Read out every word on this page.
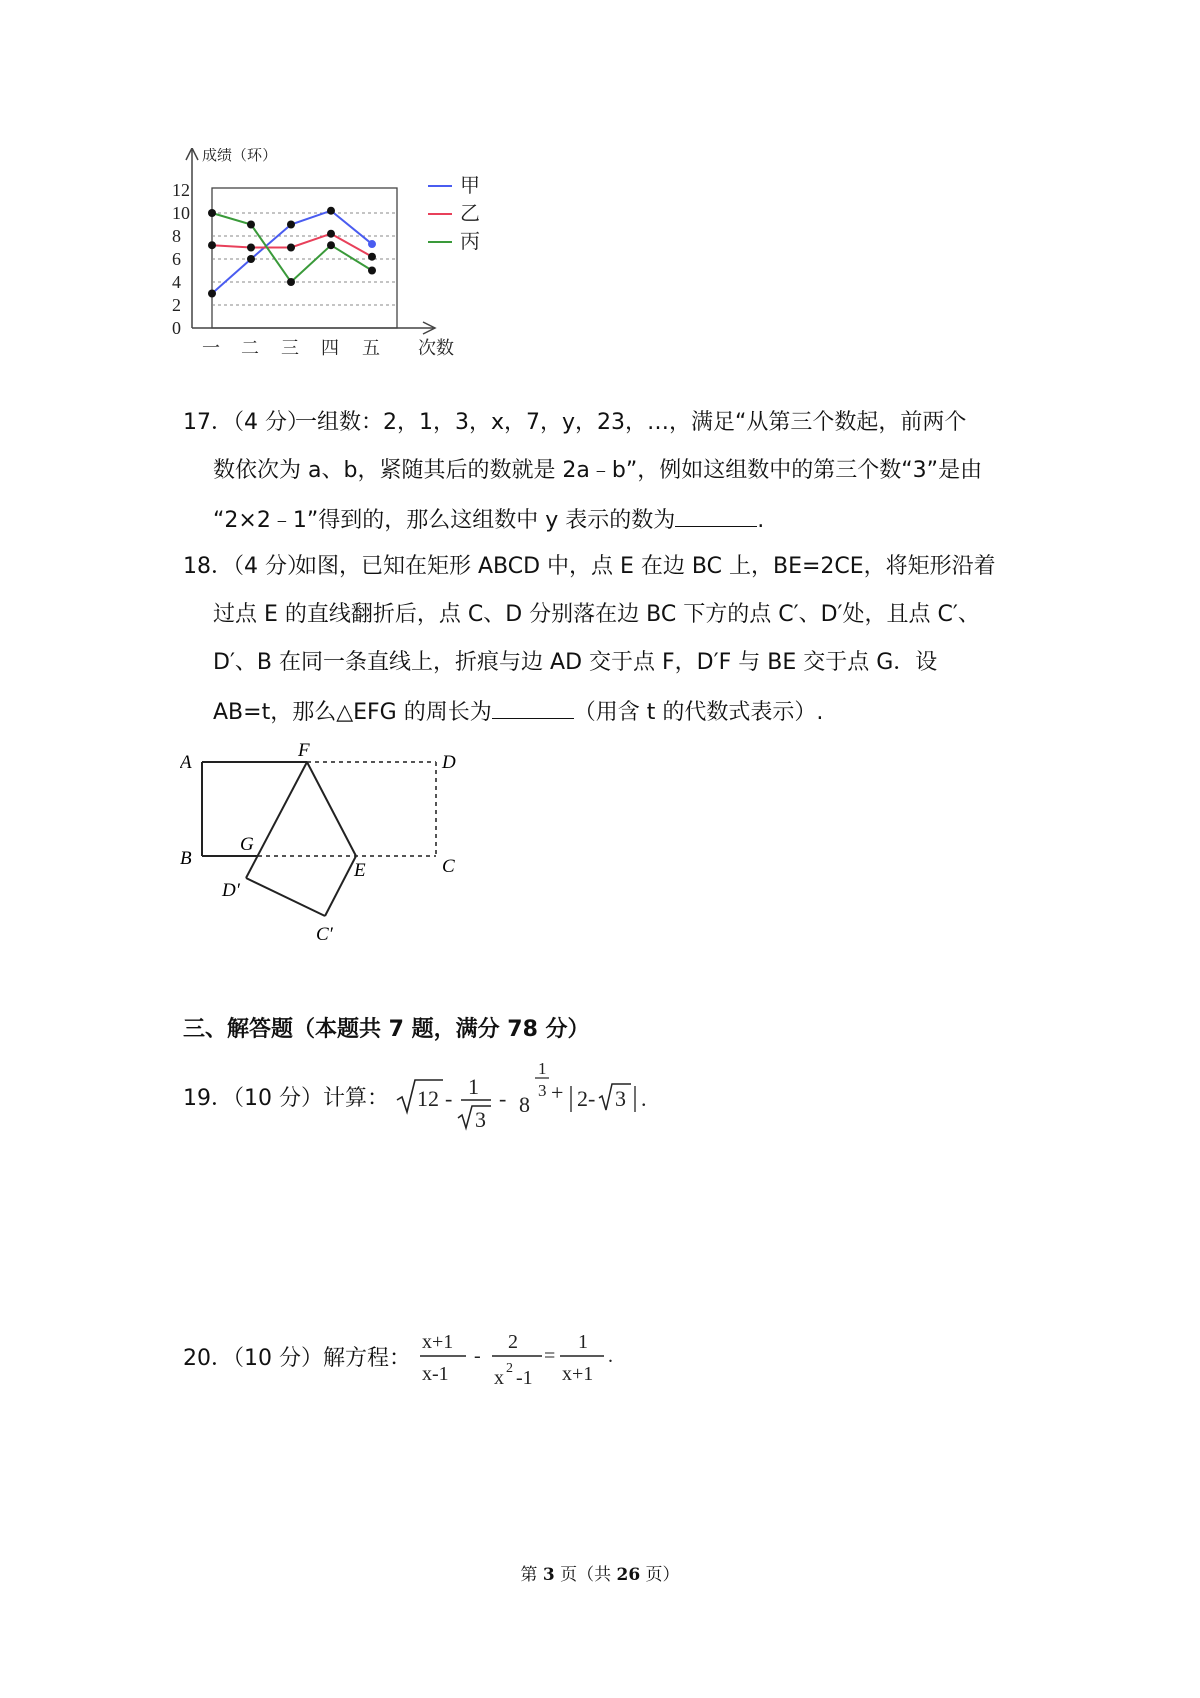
0
2
4
6
8
10
12
成绩（环）
次数
一 二 三 四 五
甲
乙
丙
17．（4 分）
一组数：2，1，3，x，7，y，23，…，满足“从第三个数起，前两个
数依次为 a、b，紧随其后的数就是 2a﹣b”，例如这组数中的第三个数“3”是由
“2×2﹣1”得到的，那么这组数中 y 表示的数为	.
18．（4 分）
如图，已知在矩形 ABCD 中，点 E 在边 BC 上，BE=2CE，将矩形沿着
过点 E 的直线翻折后，点 C、D 分别落在边 BC 下方的点 C′、D′处，且点 C′、
D′、B 在同一条直线上，折痕与边 AD 交于点 F，D′F 与 BE 交于点 G．设
AB=t，那么△EFG 的周长为	（用含 t 的代数式表示）.
A
F
D
B
G
E	C
D′
C′
三、解答题（本题共 7 题，满分 78 分）
19．（10 分）计算： 12 - 1
3
- 8
1
3 + 2- 3 .
20．（10 分）解方程：
x+1
x-1
-
2
x 2 -1
=
1
x+1
.
第 3 页（共 26 页）
